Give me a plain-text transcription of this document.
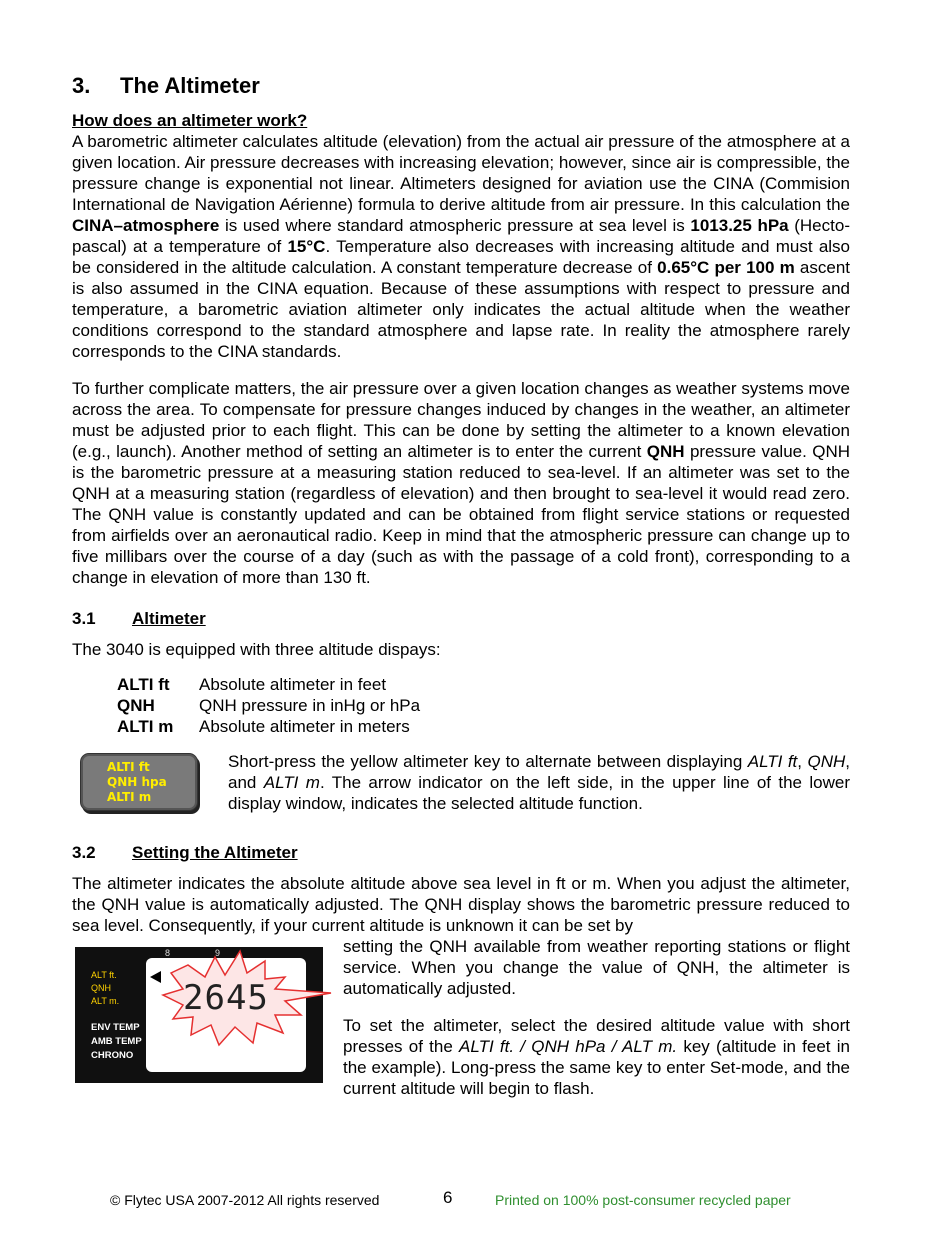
3. The Altimeter
How does an altimeter work?

A barometric altimeter calculates altitude (elevation) from the actual air pressure of the atmosphere at a given location. Air pressure decreases with increasing elevation; however, since air is compressible, the pressure change is exponential not linear. Altimeters designed for aviation use the CINA (Commision International de Navigation Aérienne) formula to derive altitude from air pressure. In this calculation the CINA–atmosphere is used where standard atmospheric pressure at sea level is 1013.25 hPa (Hecto-pascal) at a temperature of 15°C. Temperature also decreases with increasing altitude and must also be considered in the altitude calculation. A constant temperature decrease of 0.65°C per 100 m ascent is also assumed in the CINA equation. Because of these assumptions with respect to pressure and temperature, a barometric aviation altimeter only indicates the actual altitude when the weather conditions correspond to the standard atmosphere and lapse rate. In reality the atmosphere rarely corresponds to the CINA standards.

To further complicate matters, the air pressure over a given location changes as weather systems move across the area. To compensate for pressure changes induced by changes in the weather, an altimeter must be adjusted prior to each flight. This can be done by setting the altimeter to a known elevation (e.g., launch). Another method of setting an altimeter is to enter the current QNH pressure value. QNH is the barometric pressure at a measuring station reduced to sea-level. If an altimeter was set to the QNH at a measuring station (regardless of elevation) and then brought to sea-level it would read zero. The QNH value is constantly updated and can be obtained from flight service stations or requested from airfields over an aeronautical radio. Keep in mind that the atmospheric pressure can change up to five millibars over the course of a day (such as with the passage of a cold front), corresponding to a change in elevation of more than 130 ft.

3.1 Altimeter

The 3040 is equipped with three altitude dispays:

ALTI ft	Absolute altimeter in feet
QNH	QNH pressure in inHg or hPa
ALTI m	Absolute altimeter in meters
ALTI ft
QNH hpa
ALTI m

Short-press the yellow altimeter key to alternate between displaying ALTI ft, QNH, and ALTI m. The arrow indicator on the left side, in the upper line of the lower display window, indicates the selected altitude function.

3.2 Setting the Altimeter

The altimeter indicates the absolute altitude above sea level in ft or m. When you adjust the altimeter, the QNH value is automatically adjusted. The QNH display shows the barometric pressure reduced to sea level. Consequently, if your current altitude is unknown it can be set by

8	9
ALT ft.
QNH
ALT m.
ENV TEMP
AMB TEMP
CHRONO
2645

setting the QNH available from weather reporting stations or flight service. When you change the value of QNH, the altimeter is automatically adjusted.

To set the altimeter, select the desired altitude value with short presses of the ALTI ft. / QNH hPa / ALT m. key (altitude in feet in the example). Long-press the same key to enter Set-mode, and the current altitude will begin to flash.

© Flytec USA 2007-2012 All rights reserved	6	Printed on 100% post-consumer recycled paper
